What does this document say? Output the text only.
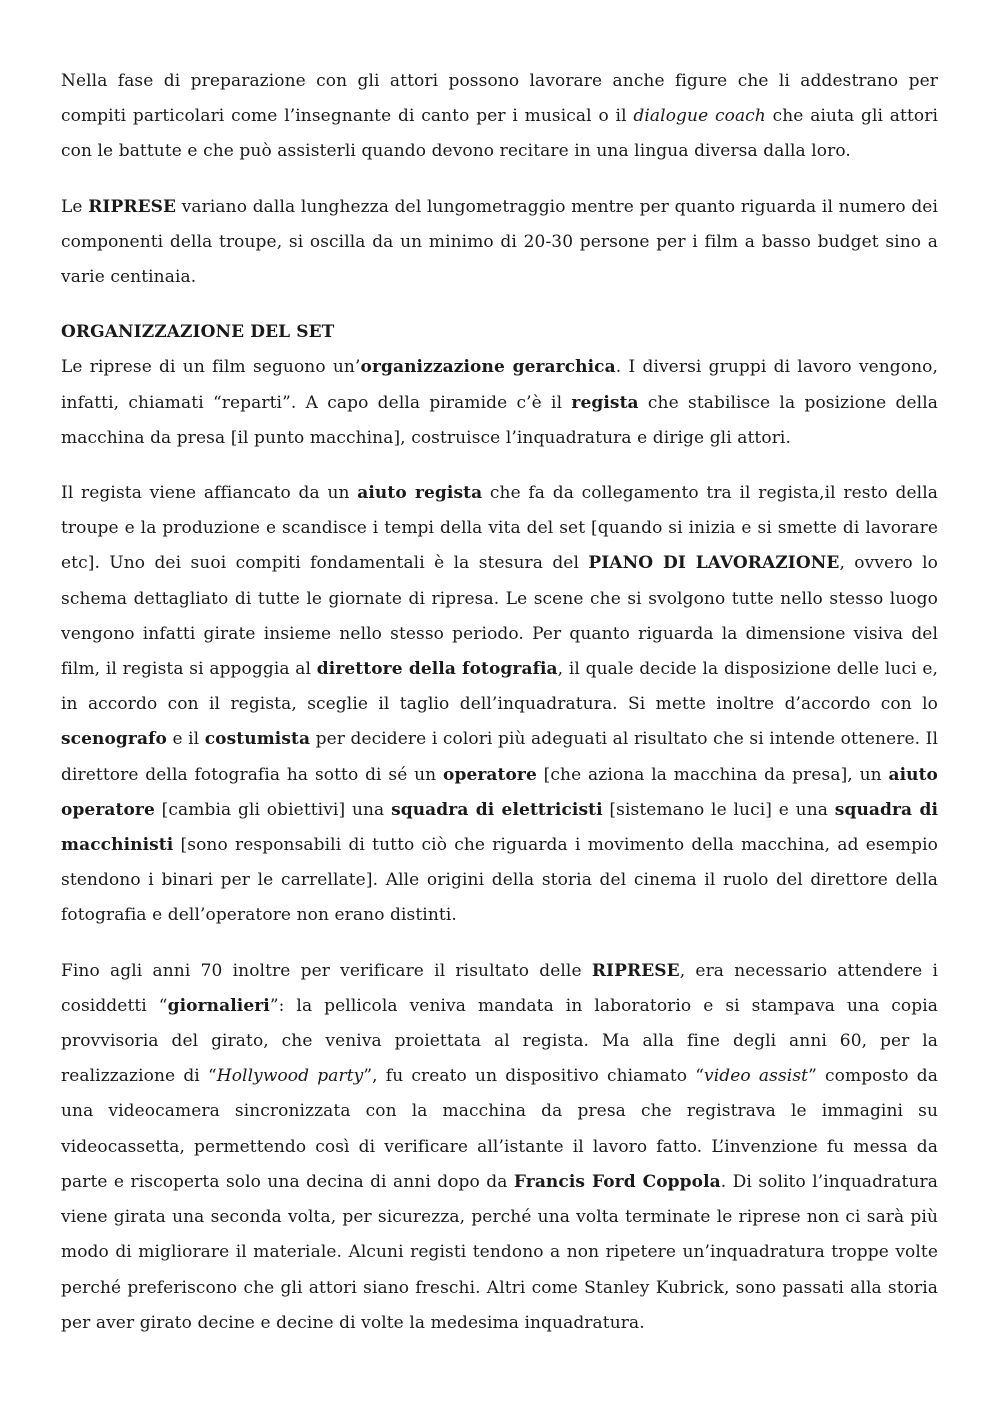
Nella fase di preparazione con gli attori possono lavorare anche figure che li addestrano per compiti particolari come l’insegnante di canto per i musical o il dialogue coach che aiuta gli attori con le battute e che può assisterli quando devono recitare in una lingua diversa dalla loro.

Le RIPRESE variano dalla lunghezza del lungometraggio mentre per quanto riguarda il numero dei componenti della troupe, si oscilla da un minimo di 20-30 persone per i film a basso budget sino a varie centinaia.

ORGANIZZAZIONE DEL SET

Le riprese di un film seguono un’organizzazione gerarchica. I diversi gruppi di lavoro vengono, infatti, chiamati “reparti”. A capo della piramide c’è il regista che stabilisce la posizione della macchina da presa [il punto macchina], costruisce l’inquadratura e dirige gli attori.

Il regista viene affiancato da un aiuto regista che fa da collegamento tra il regista,il resto della troupe e la produzione e scandisce i tempi della vita del set [quando si inizia e si smette di lavorare etc]. Uno dei suoi compiti fondamentali è la stesura del PIANO DI LAVORAZIONE, ovvero lo schema dettagliato di tutte le giornate di ripresa. Le scene che si svolgono tutte nello stesso luogo vengono infatti girate insieme nello stesso periodo. Per quanto riguarda la dimensione visiva del film, il regista si appoggia al direttore della fotografia, il quale decide la disposizione delle luci e, in accordo con il regista, sceglie il taglio dell’inquadratura. Si mette inoltre d’accordo con lo scenografo e il costumista per decidere i colori più adeguati al risultato che si intende ottenere. Il direttore della fotografia ha sotto di sé un operatore [che aziona la macchina da presa], un aiuto operatore [cambia gli obiettivi] una squadra di elettricisti [sistemano le luci] e una squadra di macchinisti [sono responsabili di tutto ciò che riguarda i movimento della macchina, ad esempio stendono i binari per le carrellate]. Alle origini della storia del cinema il ruolo del direttore della fotografia e dell’operatore non erano distinti.

Fino agli anni 70 inoltre per verificare il risultato delle RIPRESE, era necessario attendere i cosiddetti “giornalieri”: la pellicola veniva mandata in laboratorio e si stampava una copia provvisoria del girato, che veniva proiettata al regista. Ma alla fine degli anni 60, per la realizzazione di “Hollywood party”, fu creato un dispositivo chiamato “video assist” composto da una videocamera sincronizzata con la macchina da presa che registrava le immagini su videocassetta, permettendo così di verificare all’istante il lavoro fatto. L’invenzione fu messa da parte e riscoperta solo una decina di anni dopo da Francis Ford Coppola. Di solito l’inquadratura viene girata una seconda volta, per sicurezza, perché una volta terminate le riprese non ci sarà più modo di migliorare il materiale. Alcuni registi tendono a non ripetere un’inquadratura troppe volte perché preferiscono che gli attori siano freschi. Altri come Stanley Kubrick, sono passati alla storia per aver girato decine e decine di volte la medesima inquadratura.
